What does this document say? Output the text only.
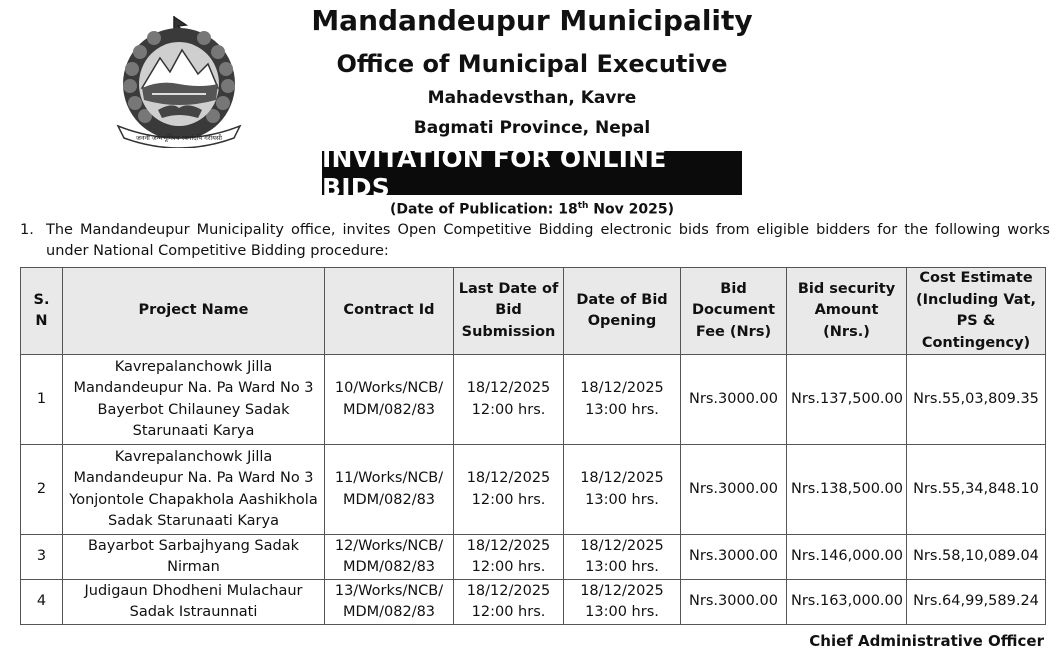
जननी जन्मभूमिश्च स्वर्गादपि गरीयसी
Mandandeupur Municipality
Office of Municipal Executive
Mahadevsthan, Kavre
Bagmati Province, Nepal
INVITATION FOR ONLINE BIDS
(Date of Publication: 18th Nov 2025)
1. The Mandandeupur Municipality office, invites Open Competitive Bidding electronic bids from eligible bidders for the following works under National Competitive Bidding procedure:
S. N	Project Name	Contract Id	Last Date of Bid Submission	Date of Bid Opening	Bid Document Fee (Nrs)	Bid security Amount (Nrs.)	Cost Estimate (Including Vat, PS & Contingency)
1	Kavrepalanchowk Jilla Mandandeupur Na. Pa Ward No 3 Bayerbot Chilauney Sadak Starunaati Karya	10/Works/NCB/ MDM/082/83	18/12/2025 12:00 hrs.	18/12/2025 13:00 hrs.	Nrs.3000.00	Nrs.137,500.00	Nrs.55,03,809.35
2	Kavrepalanchowk Jilla Mandandeupur Na. Pa Ward No 3 Yonjontole Chapakhola Aashikhola Sadak Starunaati Karya	11/Works/NCB/ MDM/082/83	18/12/2025 12:00 hrs.	18/12/2025 13:00 hrs.	Nrs.3000.00	Nrs.138,500.00	Nrs.55,34,848.10
3	Bayarbot Sarbajhyang Sadak Nirman	12/Works/NCB/ MDM/082/83	18/12/2025 12:00 hrs.	18/12/2025 13:00 hrs.	Nrs.3000.00	Nrs.146,000.00	Nrs.58,10,089.04
4	Judigaun Dhodheni Mulachaur Sadak Istraunnati	13/Works/NCB/ MDM/082/83	18/12/2025 12:00 hrs.	18/12/2025 13:00 hrs.	Nrs.3000.00	Nrs.163,000.00	Nrs.64,99,589.24
Chief Administrative Officer
